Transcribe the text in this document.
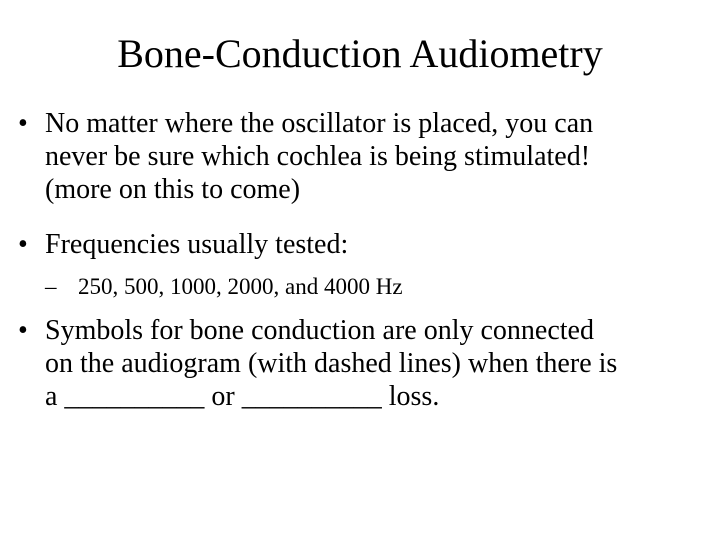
Bone-Conduction Audiometry
• No matter where the oscillator is placed, you can
never be sure which cochlea is being stimulated!
(more on this to come)
• Frequencies usually tested:
– 250, 500, 1000, 2000, and 4000 Hz
• Symbols for bone conduction are only connected
on the audiogram (with dashed lines) when there is
a __________ or __________ loss.
